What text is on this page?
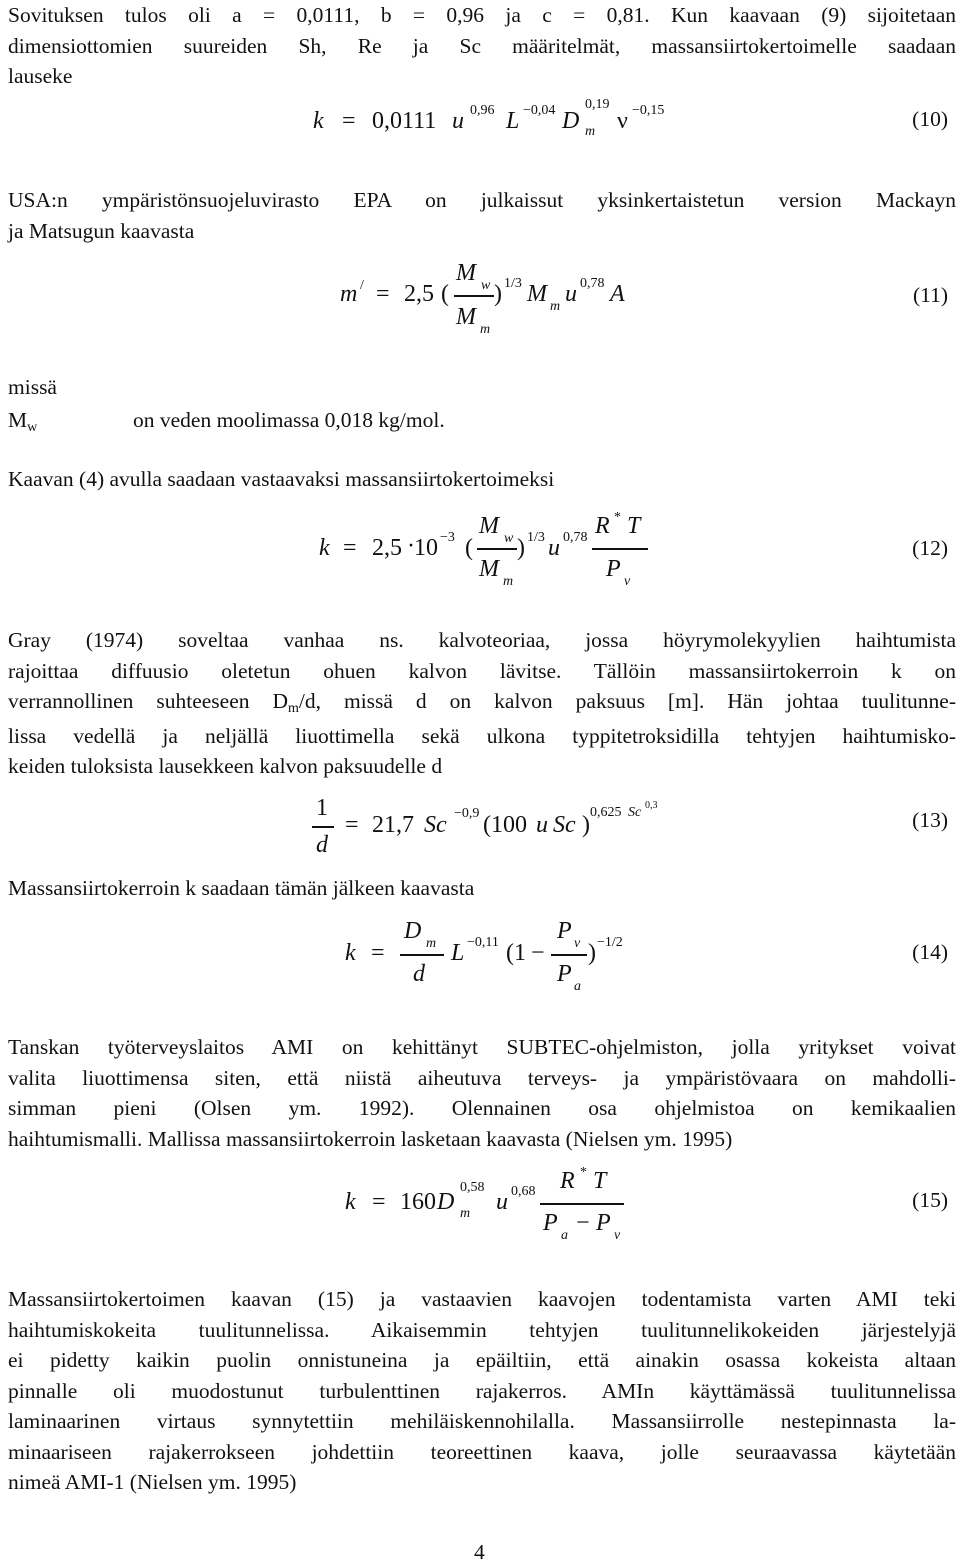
Sovituksen tulos oli a = 0,0111, b = 0,96 ja c = 0,81. Kun kaavaan (9) sijoitetaan
dimensiottomien suureiden Sh, Re ja Sc määritelmät, massansiirtokertoimelle saadaan
lauseke
k = 0,0111 u 0,96 L −0,04 D
0,19
m ν −0,15	(10)
USA:n ympäristönsuojeluvirasto EPA on julkaissut yksinkertaistetun version Mackayn
ja Matsugun kaavasta
m / = 2,5 (
M w
M m
) 1/3 M m u 0,78 A	(11)
missä
Mw	on veden moolimassa 0,018 kg/mol.
Kaavan (4) avulla saadaan vastaavaksi massansiirtokertoimeksi
k = 2,5 · 10 −3 (
M w
M m
) 1/3 u 0,78 R * T
P v
(12)
Gray (1974) soveltaa vanhaa ns. kalvoteoriaa, jossa höyrymolekyylien haihtumista
rajoittaa diffuusio oletetun ohuen kalvon lävitse. Tällöin massansiirtokerroin k on
verrannollinen suhteeseen Dm/d, missä d on kalvon paksuus [m]. Hän johtaa tuulitunne-
lissa vedellä ja neljällä liuottimella sekä ulkona typpitetroksidilla tehtyjen haihtumisko-
keiden tuloksista lausekkeen kalvon paksuudelle d
1
d
= 21,7 Sc −0,9 (100 u Sc ) 0,625 Sc 0,3
(13)
Massansiirtokerroin k saadaan tämän jälkeen kaavasta
k =
D m
d
L −0,11 (1 −
P v
P a
) −1/2	(14)
Tanskan työterveyslaitos AMI on kehittänyt SUBTEC-ohjelmiston, jolla yritykset voivat
valita liuottimensa siten, että niistä aiheutuva terveys- ja ympäristövaara on mahdolli-
simman pieni (Olsen ym. 1992). Olennainen osa ohjelmistoa on kemikaalien
haihtumismalli. Mallissa massansiirtokerroin lasketaan kaavasta (Nielsen ym. 1995)
k = 160 D
0,58
m u 0,68 R * T
P a − P v
(15)
Massansiirtokertoimen kaavan (15) ja vastaavien kaavojen todentamista varten AMI teki
haihtumiskokeita tuulitunnelissa. Aikaisemmin tehtyjen tuulitunnelikokeiden järjestelyjä
ei pidetty kaikin puolin onnistuneina ja epäiltiin, että ainakin osassa kokeista altaan
pinnalle oli muodostunut turbulenttinen rajakerros. AMIn käyttämässä tuulitunnelissa
laminaarinen virtaus synnytettiin mehiläiskennohilalla. Massansiirrolle nestepinnasta la-
minaariseen rajakerrokseen johdettiin teoreettinen kaava, jolle seuraavassa käytetään
nimeä AMI-1 (Nielsen ym. 1995)
4
